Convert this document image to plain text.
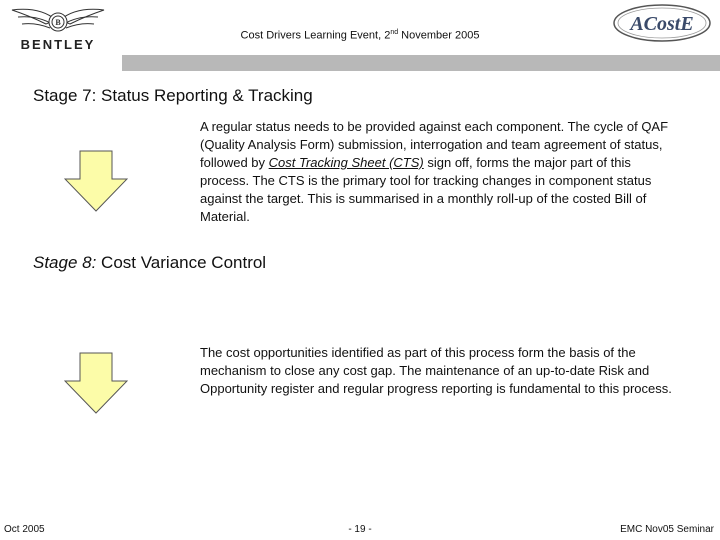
B
BENTLEY
Cost Drivers Learning Event, 2nd November 2005
ACostE
Stage 7: Status Reporting & Tracking
A regular status needs to be provided against each component. The cycle of QAF (Quality Analysis Form) submission, interrogation and team agreement of status, followed by Cost Tracking Sheet (CTS) sign off, forms the major part of this process. The CTS is the primary tool for tracking changes in component status against the target. This is summarised in a monthly roll-up of the costed Bill of Material.
Stage 8: Cost Variance Control
The cost opportunities identified as part of this process form the basis of the mechanism to close any cost gap. The maintenance of an up-to-date Risk and Opportunity register and regular progress reporting is fundamental to this process.
Oct 2005	- 19 -	EMC Nov05 Seminar
